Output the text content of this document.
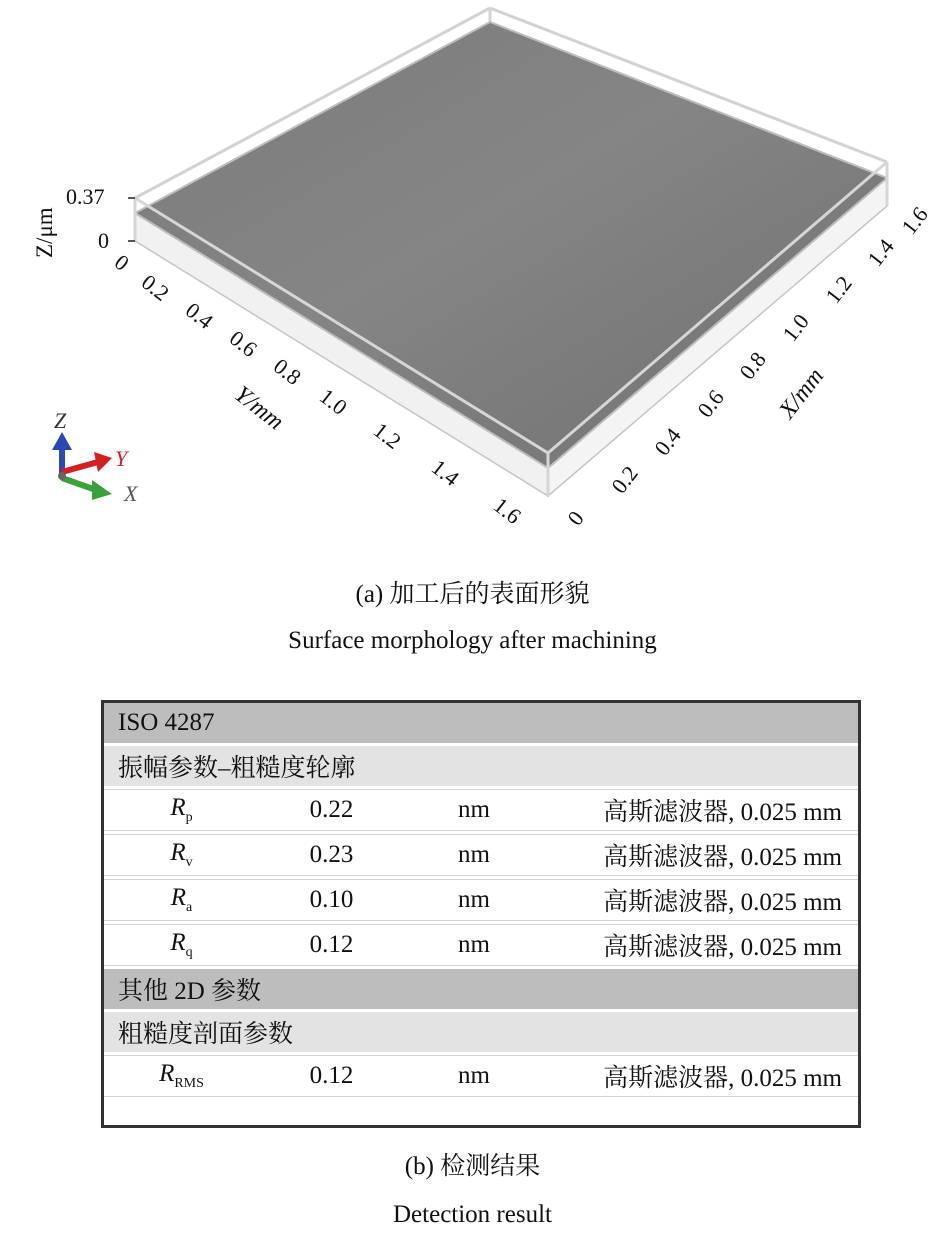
0.37
0
Z/μm
0
0.2
0.4
0.6
0.8
1.0
1.2
1.4
1.6
Y/mm
0
0.2
0.4
0.6
0.8
1.0
1.2
1.4
1.6
X/mm
Z
Y
X
(a) 加工后的表面形貌
Surface morphology after machining
ISO 4287			
振幅参数–粗糙度轮廓			
$R_p$	0.22	nm	高斯滤波器, 0.025 mm
$R_v$	0.23	nm	高斯滤波器, 0.025 mm
$R_a$	0.10	nm	高斯滤波器, 0.025 mm
$R_q$	0.12	nm	高斯滤波器, 0.025 mm
其他 2D 参数			
粗糙度剖面参数			
$R_{RMS}$	0.12	nm	高斯滤波器, 0.025 mm
(b) 检测结果
Detection result
